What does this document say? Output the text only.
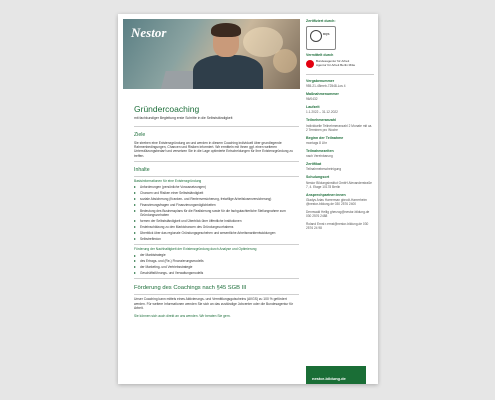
Nestor
Gründercoaching
mit fachkundiger Begleitung erste Schritte in die Selbstständigkeit
Ziele

Sie streben eine Existenzgründung an und werden in diesem Coaching individuell über grundlegende Rahmenbedingungen, Chancen und Risiken informiert. Wir ermitteln mit Ihnen ggf. einen weiteren Unterstützungsbedarf und versetzen Sie in die Lage optimierte Entscheidungen für Ihre Existenzgründung zu treffen.

Inhalte
Basisinformationen für eine Existenzgründung
Anforderungen (persönliche Voraussetzungen)
Chancen und Risiken einer Selbstständigkeit
soziale Absicherung (Kranken- und Rentenversicherung, freiwillige Arbeitslosenversicherung)
Finanzierungsfragen und Finanzierungsmöglichkeiten
Bedeutung des Businessplans für die Realisierung sowie für die fachgutachterliche Stellungnahme zum Gründungsvorhaben
formen der Selbstständigkeit und Überblick über öffentliche Institutionen
Ersteinschätzung zu den Marktchancen des Gründungsvorhabens
Überblick über das regionale Gründungsgeschehen und wesentliche Arbeitsmarktentwicklungen
Selbstreflexion
Förderung der Nachhaltigkeit der Existenzgründung durch Analyse und Optimierung
der Marktstrategie
des Ertrags- und (Re-) Finanzierungsmodells
der Marketing- und Vertriebsstrategie
Geschäftsführungs- und Verwaltungsmodells
Förderung des Coachings nach §45 SGB III

Unser Coaching kann mittels eines Aktivierungs- und Vermittlungsgutscheins (AVGS) zu 100 % gefördert werden. Für weitere Informationen wenden Sie sich an das zuständige Jobcenter oder die Bundesagentur für Arbeit.

Sie können sich auch direkt an uns wenden. Wir beraten Sie gern.
Zertifiziert durch:
DQS
Vermittelt durch
Bundesagentur für Arbeit
Agentur für Arbeit Berlin Mitte
Vergabenummer
955-21-45meb-72548-Los 4
Maßnahmenummer
96/0432
Laufzeit
1.1.2022 – 31.12.2022
Teilnehmeranzahl
Individuelle Teilnehmeranzahl 2 Monate mit ca. 2 Terminen pro Woche
Beginn der Teilnahme
montags 8 Uhr
Teilnahmezeiten
nach Vereinbarung
Zertifikat
Teilnahmebescheinigung
Schulungsort
Nestor Bildungsinstitut GmbH Alexanderstraße 7, 4. Etage 10178 Berlin
Ansprechpartner:innen
Gladys Arias Harrerman gbrodt-Harrerheim @nestor-bildung.de 030 2576 2400
Dennwald Hellig gherzog@nestor-bildung.de 030 2576 2488
Roland Ernst r.ernst@nestor-bildung.de 030 2576 24 98
nestor-bildung.de
